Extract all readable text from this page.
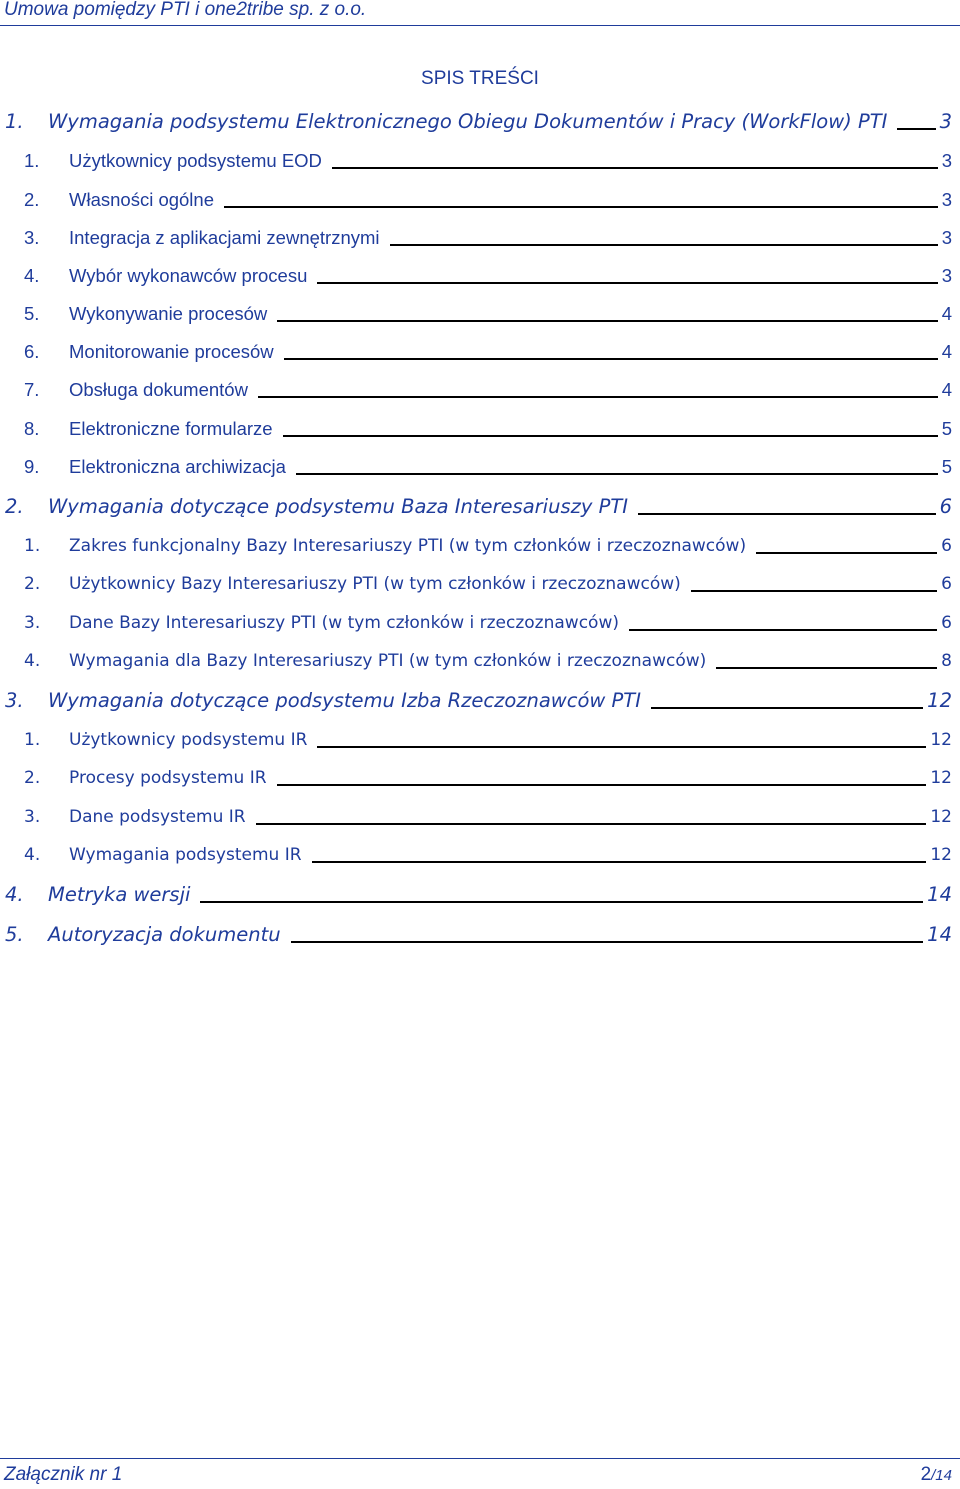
Umowa pomiędzy PTI i one2tribe sp. z o.o.
SPIS TREŚCI
1.	Wymagania podsystemu Elektronicznego Obiegu Dokumentów i Pracy (WorkFlow) PTI	3
1.	Użytkownicy podsystemu EOD	3
2.	Własności ogólne	3
3.	Integracja z aplikacjami zewnętrznymi	3
4.	Wybór wykonawców procesu	3
5.	Wykonywanie procesów	4
6.	Monitorowanie procesów	4
7.	Obsługa dokumentów	4
8.	Elektroniczne formularze	5
9.	Elektroniczna archiwizacja	5
2.	Wymagania dotyczące podsystemu Baza Interesariuszy PTI	6
1.	Zakres funkcjonalny Bazy Interesariuszy PTI (w tym członków i rzeczoznawców)	6
2.	Użytkownicy Bazy Interesariuszy PTI (w tym członków i rzeczoznawców)	6
3.	Dane Bazy Interesariuszy PTI (w tym członków i rzeczoznawców)	6
4.	Wymagania dla Bazy Interesariuszy PTI (w tym członków i rzeczoznawców)	8
3.	Wymagania dotyczące podsystemu Izba Rzeczoznawców PTI	12
1.	Użytkownicy podsystemu IR	12
2.	Procesy podsystemu IR	12
3.	Dane podsystemu IR	12
4.	Wymagania podsystemu IR	12
4.	Metryka wersji	14
5.	Autoryzacja dokumentu	14
Załącznik nr 1	2/14
